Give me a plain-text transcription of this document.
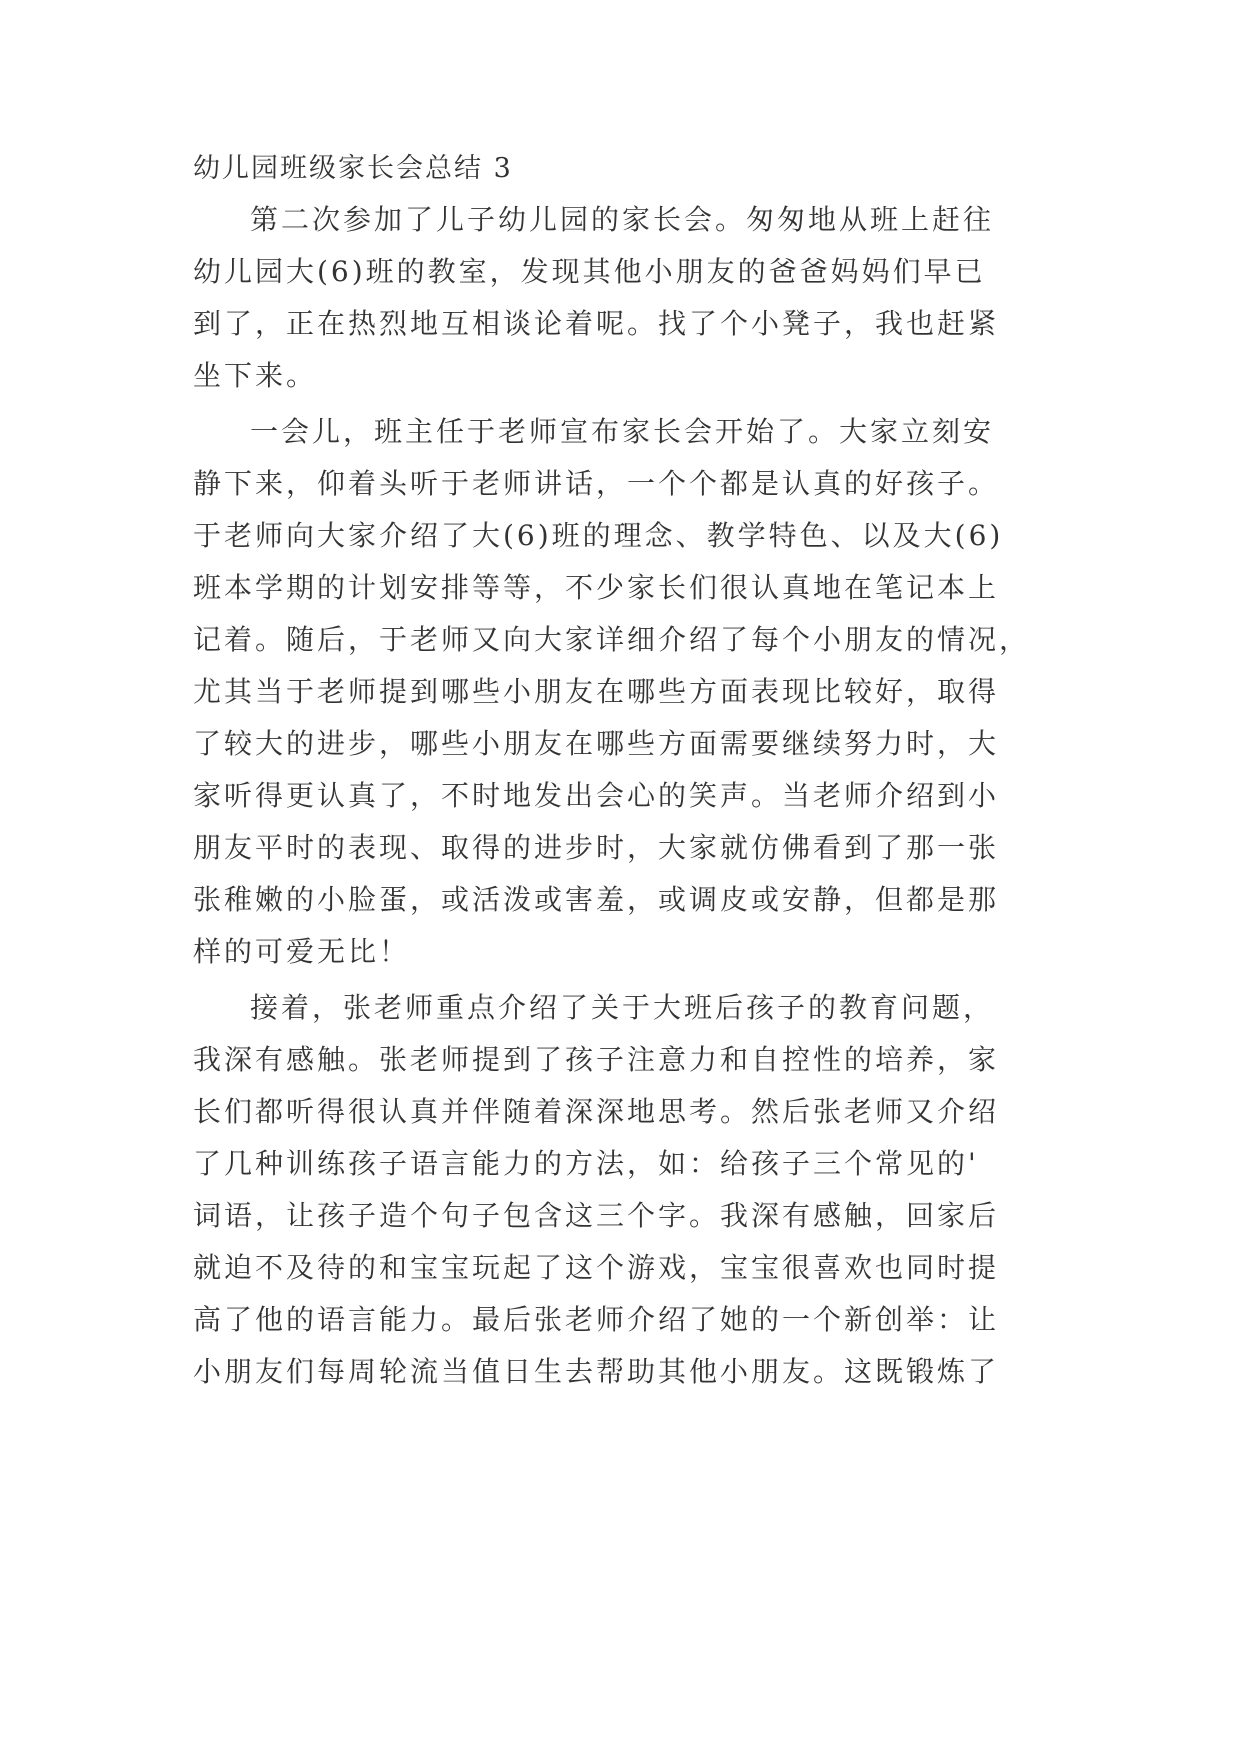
幼儿园班级家长会总结 3

第二次参加了儿子幼儿园的家长会。匆匆地从班上赶往

幼儿园大(6)班的教室，发现其他小朋友的爸爸妈妈们早已

到了，正在热烈地互相谈论着呢。找了个小凳子，我也赶紧

坐下来。

一会儿，班主任于老师宣布家长会开始了。大家立刻安

静下来，仰着头听于老师讲话，一个个都是认真的好孩子。

于老师向大家介绍了大(6)班的理念、教学特色、以及大(6)

班本学期的计划安排等等，不少家长们很认真地在笔记本上

记着。随后，于老师又向大家详细介绍了每个小朋友的情况，

尤其当于老师提到哪些小朋友在哪些方面表现比较好，取得

了较大的进步，哪些小朋友在哪些方面需要继续努力时，大

家听得更认真了，不时地发出会心的笑声。当老师介绍到小

朋友平时的表现、取得的进步时，大家就仿佛看到了那一张

张稚嫩的小脸蛋，或活泼或害羞，或调皮或安静，但都是那

样的可爱无比！

接着，张老师重点介绍了关于大班后孩子的教育问题，

我深有感触。张老师提到了孩子注意力和自控性的培养，家

长们都听得很认真并伴随着深深地思考。然后张老师又介绍

了几种训练孩子语言能力的方法，如：给孩子三个常见的'

词语，让孩子造个句子包含这三个字。我深有感触，回家后

就迫不及待的和宝宝玩起了这个游戏，宝宝很喜欢也同时提

高了他的语言能力。最后张老师介绍了她的一个新创举：让

小朋友们每周轮流当值日生去帮助其他小朋友。这既锻炼了
